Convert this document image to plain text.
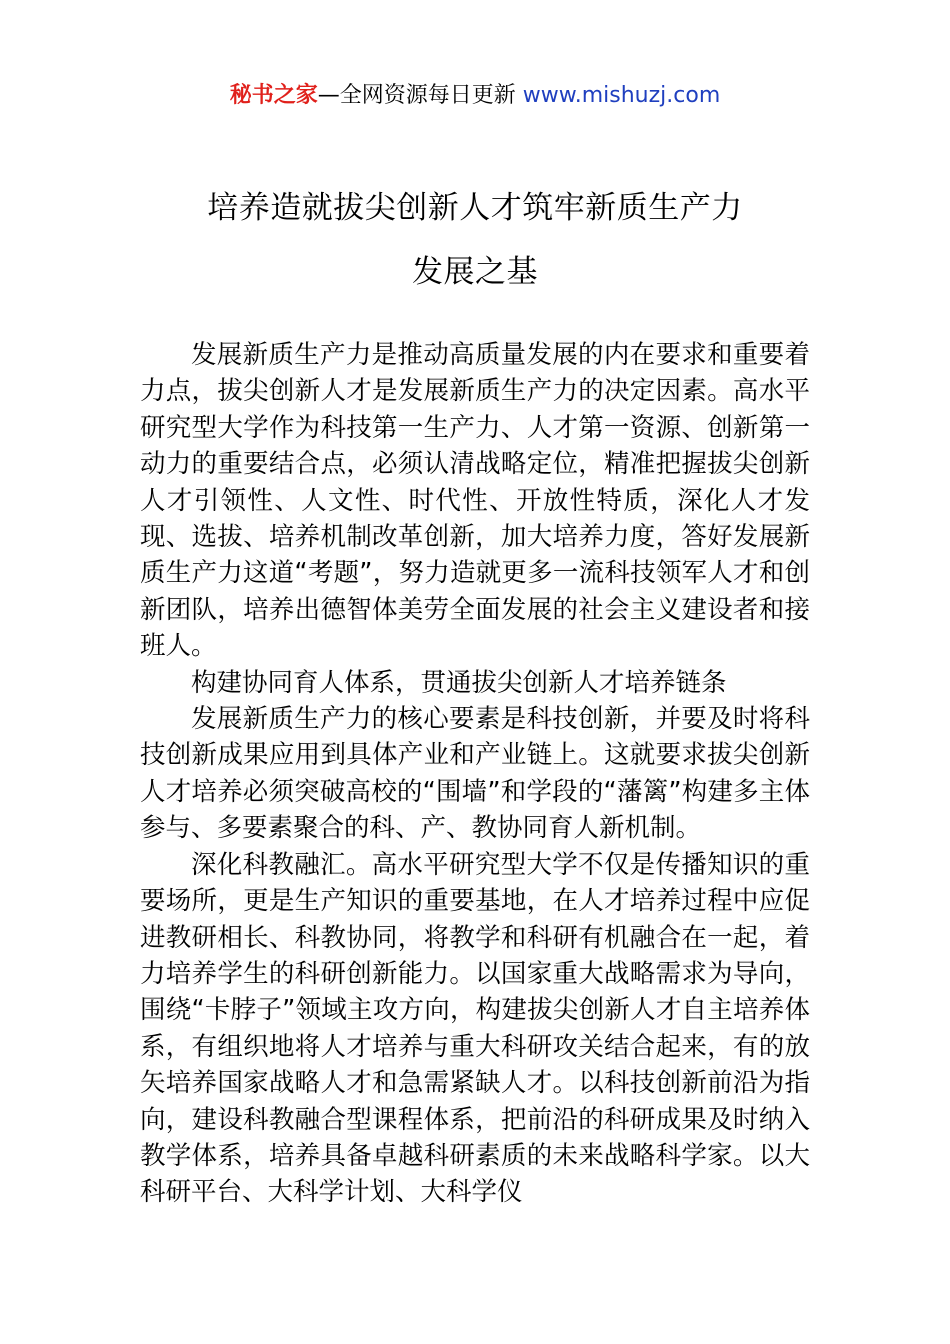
秘书之家—全网资源每日更新 www.mishuzj.com
培养造就拔尖创新人才筑牢新质生产力
发展之基

发展新质生产力是推动高质量发展的内在要求和重要着力点，拔尖创新人才是发展新质生产力的决定因素。高水平研究型大学作为科技第一生产力、人才第一资源、创新第一动力的重要结合点，必须认清战略定位，精准把握拔尖创新人才引领性、人文性、时代性、开放性特质，深化人才发现、选拔、培养机制改革创新，加大培养力度，答好发展新质生产力这道“考题”，努力造就更多一流科技领军人才和创新团队，培养出德智体美劳全面发展的社会主义建设者和接班人。

构建协同育人体系，贯通拔尖创新人才培养链条

发展新质生产力的核心要素是科技创新，并要及时将科技创新成果应用到具体产业和产业链上。这就要求拔尖创新人才培养必须突破高校的“围墙”和学段的“藩篱”构建多主体参与、多要素聚合的科、产、教协同育人新机制。

深化科教融汇。高水平研究型大学不仅是传播知识的重要场所，更是生产知识的重要基地，在人才培养过程中应促进教研相长、科教协同，将教学和科研有机融合在一起，着力培养学生的科研创新能力。以国家重大战略需求为导向，围绕“卡脖子”领域主攻方向，构建拔尖创新人才自主培养体系，有组织地将人才培养与重大科研攻关结合起来，有的放矢培养国家战略人才和急需紧缺人才。以科技创新前沿为指向，建设科教融合型课程体系，把前沿的科研成果及时纳入教学体系，培养具备卓越科研素质的未来战略科学家。以大科研平台、大科学计划、大科学仪
